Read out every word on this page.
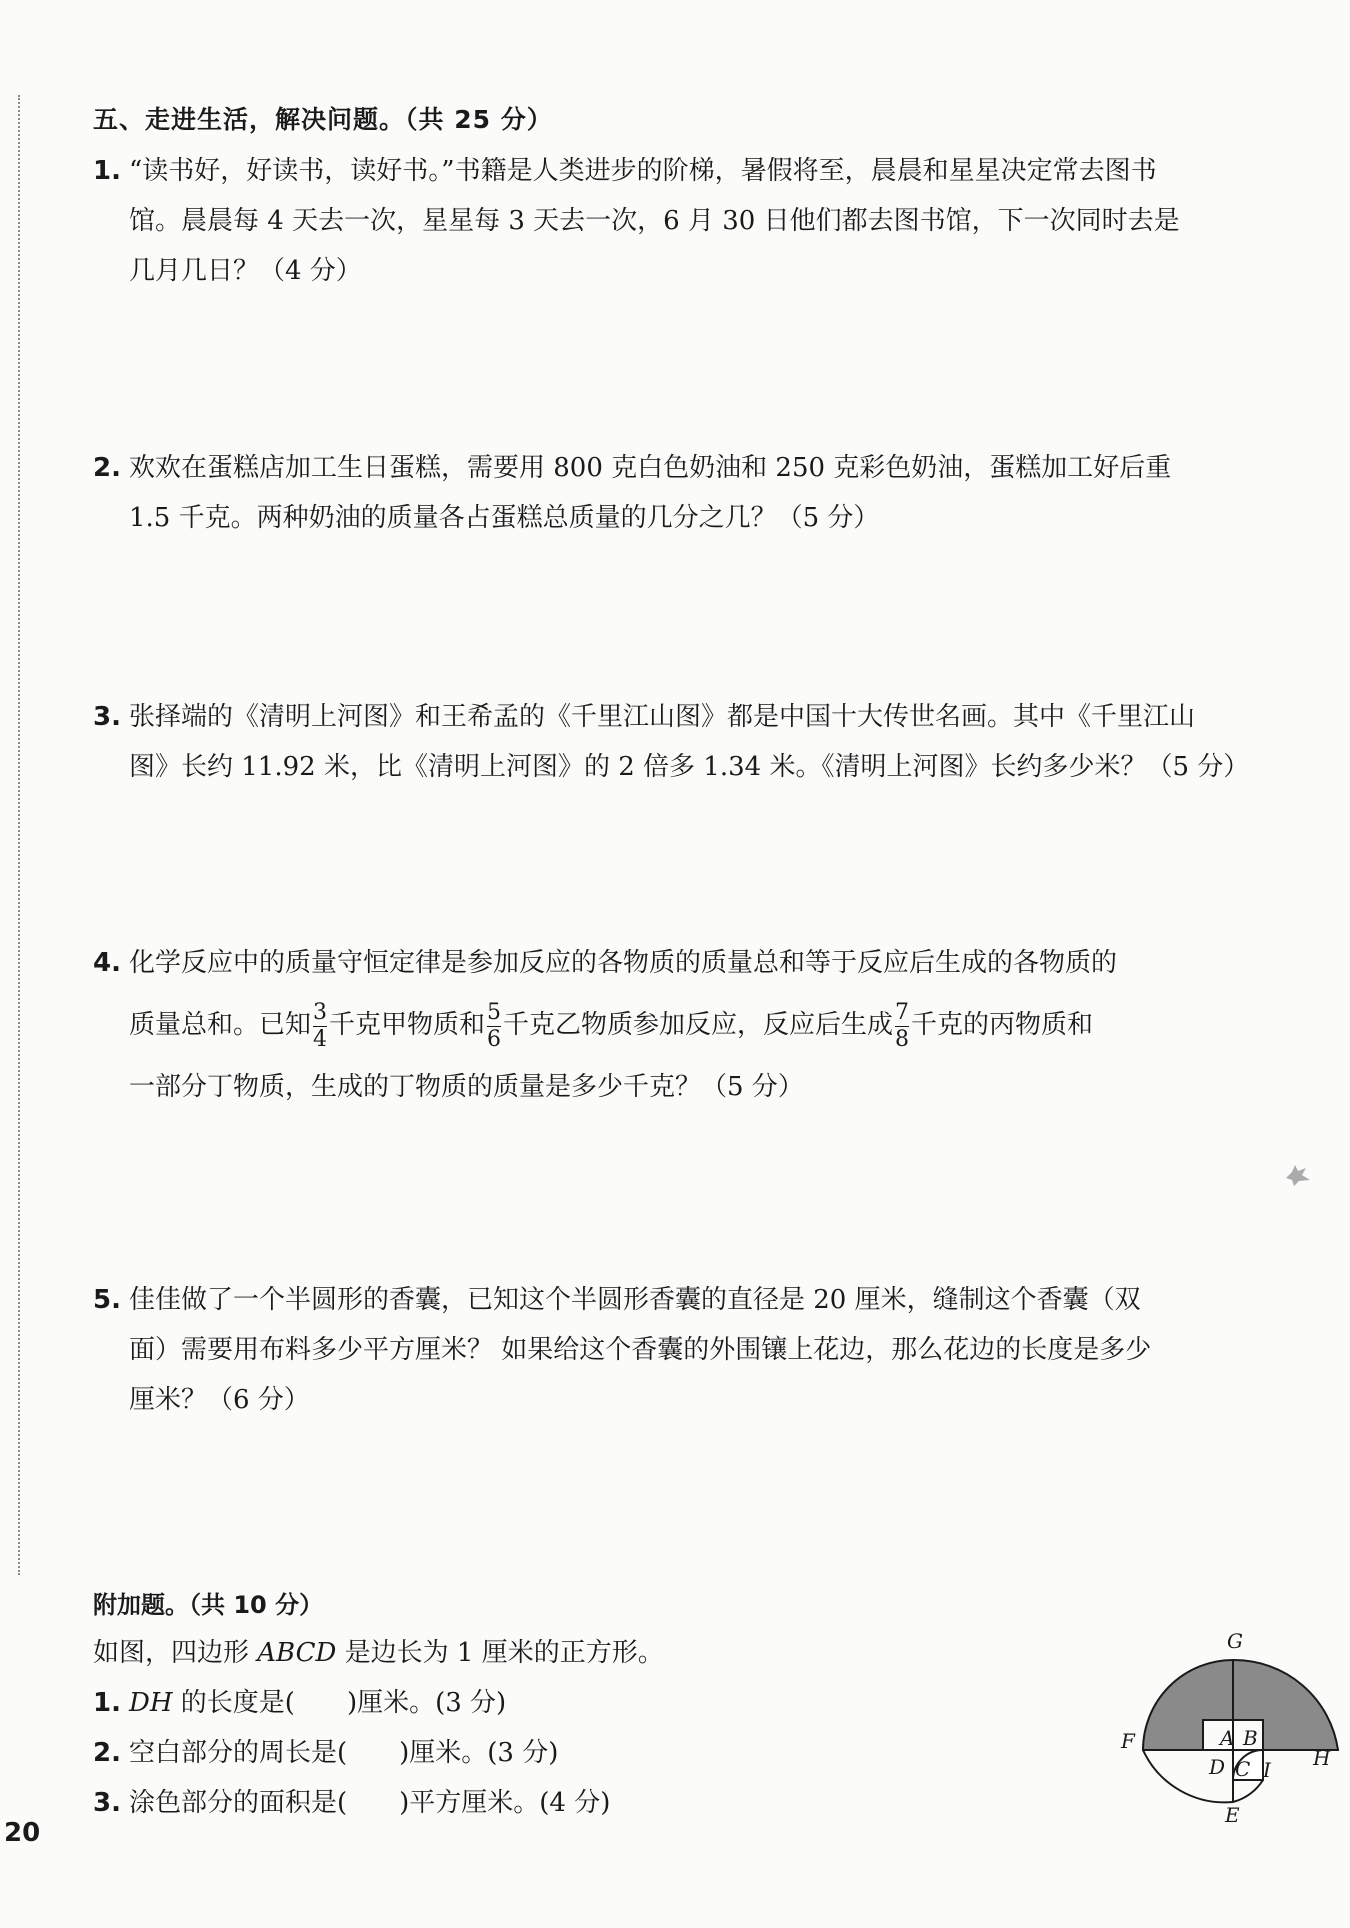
五、走进生活，解决问题。（共 25 分）
1. “读书好，好读书，读好书。”书籍是人类进步的阶梯，暑假将至，晨晨和星星决定常去图书
馆。晨晨每 4 天去一次，星星每 3 天去一次，6 月 30 日他们都去图书馆，下一次同时去是
几月几日？（4 分）
2. 欢欢在蛋糕店加工生日蛋糕，需要用 800 克白色奶油和 250 克彩色奶油，蛋糕加工好后重
1.5 千克。两种奶油的质量各占蛋糕总质量的几分之几？（5 分）
3. 张择端的《清明上河图》和王希孟的《千里江山图》都是中国十大传世名画。其中《千里江山
图》长约 11.92 米，比《清明上河图》的 2 倍多 1.34 米。《清明上河图》长约多少米？（5 分）
4. 化学反应中的质量守恒定律是参加反应的各物质的质量总和等于反应后生成的各物质的
质量总和。已知 $\frac{3}{4}$ 千克甲物质和 $\frac{5}{6}$ 千克乙物质参加反应，反应后生成 $\frac{7}{8}$ 千克的丙物质和
一部分丁物质，生成的丁物质的质量是多少千克？（5 分）
5. 佳佳做了一个半圆形的香囊，已知这个半圆形香囊的直径是 20 厘米，缝制这个香囊（双
面）需要用布料多少平方厘米？ 如果给这个香囊的外围镶上花边，那么花边的长度是多少
厘米？（6 分）
附加题。（共 10 分）
如图，四边形 ABCD 是边长为 1 厘米的正方形。
1. DH 的长度是(　　)厘米。(3 分)
2. 空白部分的周长是(　　)厘米。(3 分)
3. 涂色部分的面积是(　　)平方厘米。(4 分)
G
F	A B
D C I H
E
20
